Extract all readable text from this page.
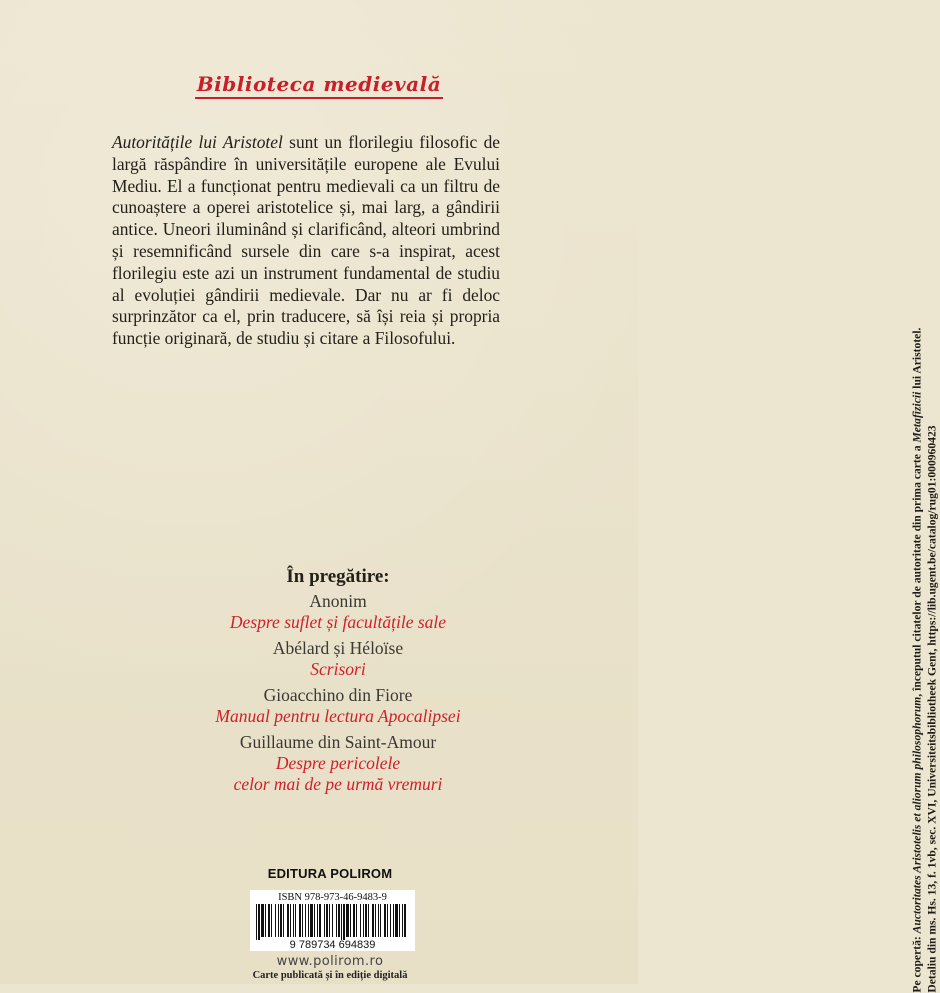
Biblioteca medievală
Autoritățile lui Aristotel sunt un florilegiu filosofic de largă răspândire în universitățile europene ale Evului Mediu. El a funcționat pentru medievali ca un filtru de cunoaștere a operei aristotelice și, mai larg, a gândirii antice. Uneori iluminând și clarificând, alteori umbrind și resemnificând sursele din care s-a inspirat, acest florilegiu este azi un instrument fundamental de studiu al evoluției gândirii medievale. Dar nu ar fi deloc surprinzător ca el, prin traducere, să își reia și propria funcție originară, de studiu și citare a Filosofului.
În pregătire:
Anonim
Despre suflet și facultățile sale
Abélard și Héloïse
Scrisori
Gioacchino din Fiore
Manual pentru lectura Apocalipsei
Guillaume din Saint-Amour
Despre pericolele
celor mai de pe urmă vremuri
EDITURA POLIROM
ISBN 978-973-46-9483-9
9 789734 694839
www.polirom.ro
Carte publicată și în ediție digitală	Pe copertă: Auctoritates Aristotelis et aliorum philosophorum, începutul citatelor de autoritate din prima carte a Metafizicii lui Aristotel.
Detaliu din ms. Hs. 13, f. 1vb, sec. XVI, Universiteitsbibliotheek Gent, https://lib.ugent.be/catalog/rug01:000960423
